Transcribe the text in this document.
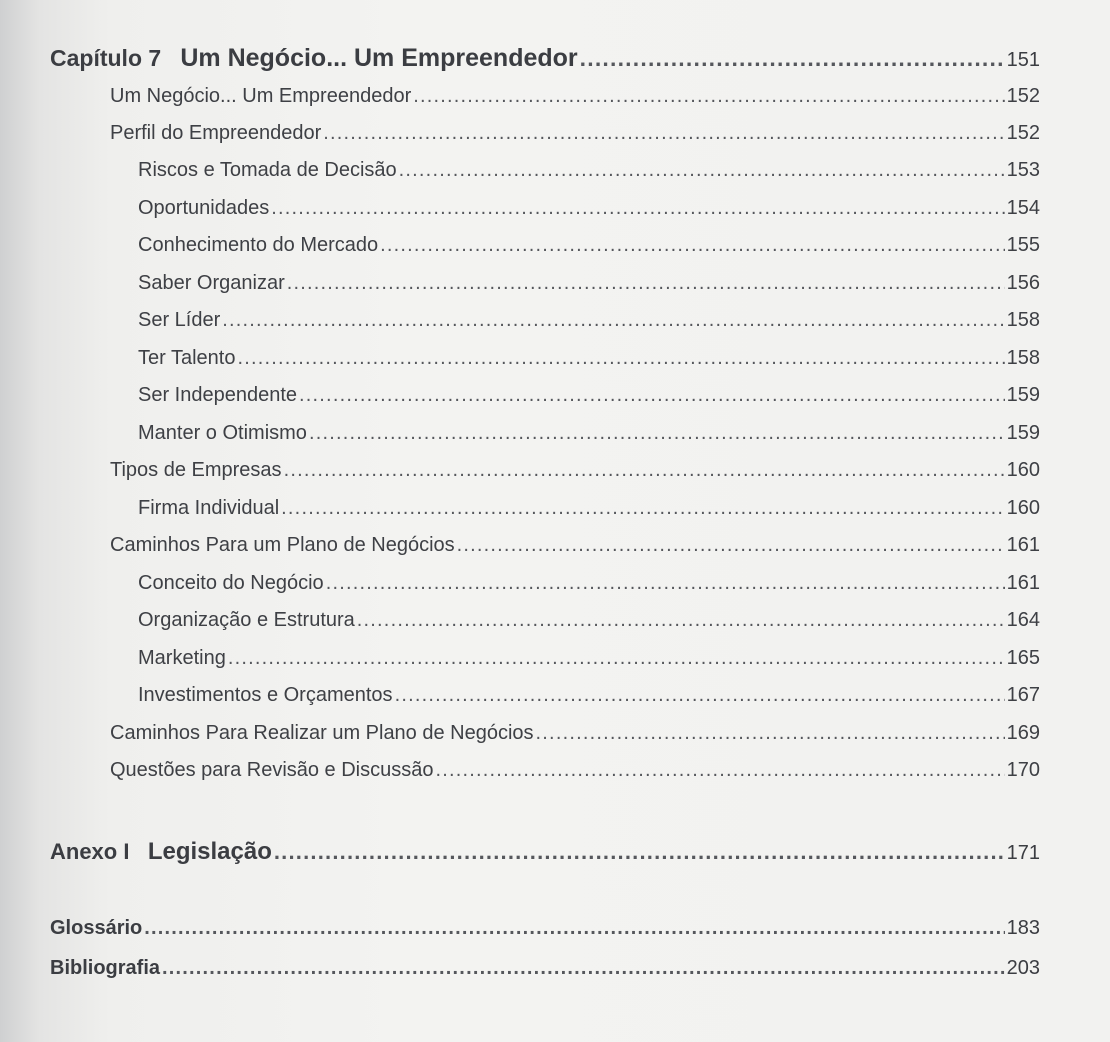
Capítulo 7 Um Negócio... Um Empreendedor .....	151
Um Negócio... Um Empreendedor .....	152
Perfil do Empreendedor .....	152
Riscos e Tomada de Decisão .....	153
Oportunidades .....	154
Conhecimento do Mercado .....	155
Saber Organizar .....	156
Ser Líder .....	158
Ter Talento .....	158
Ser Independente .....	159
Manter o Otimismo .....	159
Tipos de Empresas .....	160
Firma Individual .....	160
Caminhos Para um Plano de Negócios .....	161
Conceito do Negócio .....	161
Organização e Estrutura .....	164
Marketing .....	165
Investimentos e Orçamentos .....	167
Caminhos Para Realizar um Plano de Negócios .....	169
Questões para Revisão e Discussão .....	170
Anexo I Legislação .....	171
Glossário .....	183
Bibliografia .....	203
